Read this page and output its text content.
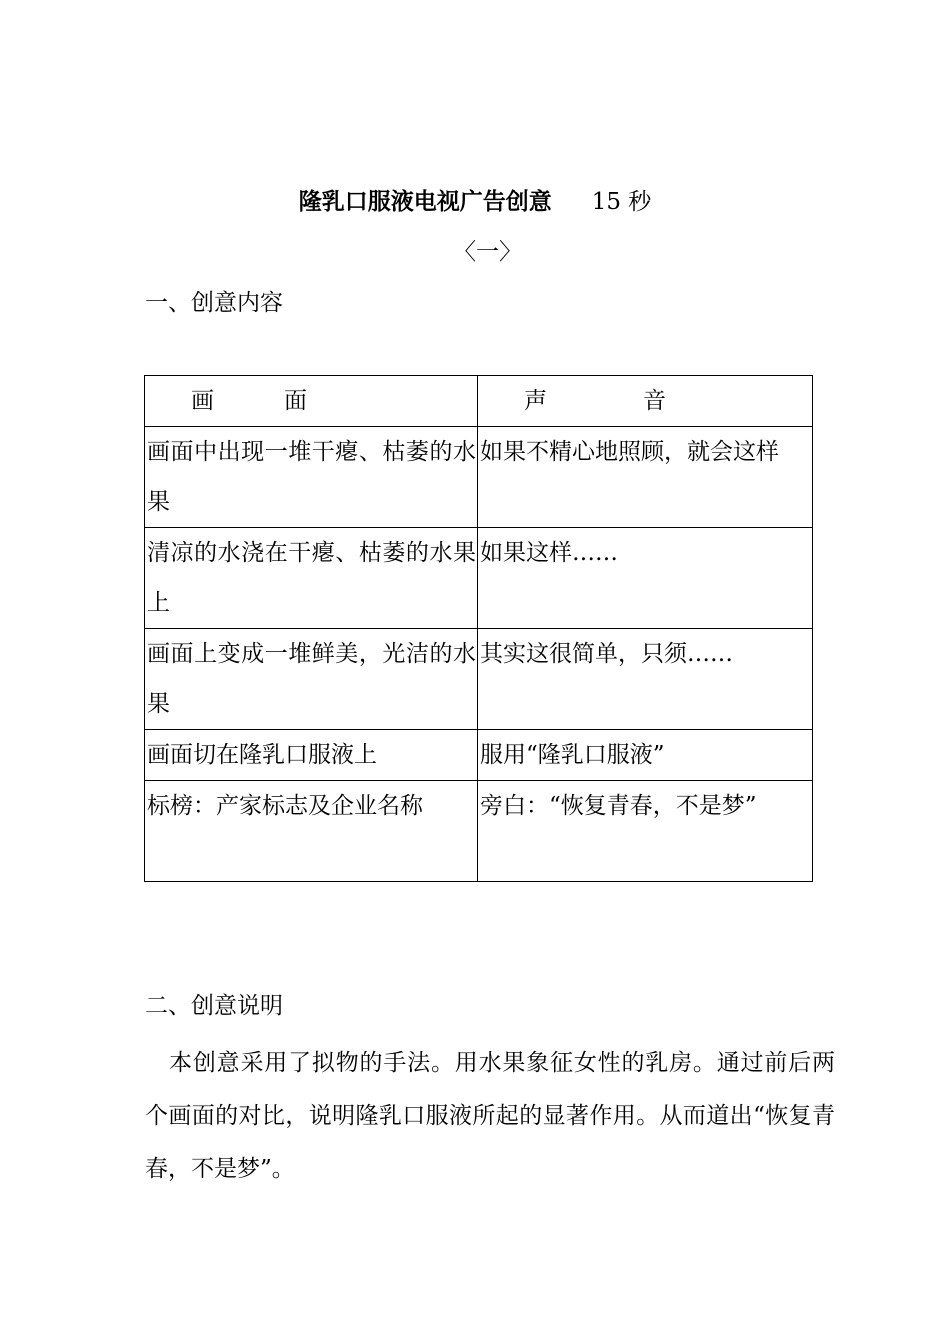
隆乳口服液电视广告创意 15 秒
〈一〉
一、创意内容
画 面	声 音
画面中出现一堆干瘪、枯萎的水果	如果不精心地照顾，就会这样
清凉的水浇在干瘪、枯萎的水果上	如果这样……
画面上变成一堆鲜美，光洁的水果	其实这很简单，只须……
画面切在隆乳口服液上	服用“隆乳口服液”
标榜：产家标志及企业名称	旁白：“恢复青春，不是梦”
二、创意说明
本创意采用了拟物的手法。用水果象征女性的乳房。通过前后两个画面的对比，说明隆乳口服液所起的显著作用。从而道出“恢复青春，不是梦”。
